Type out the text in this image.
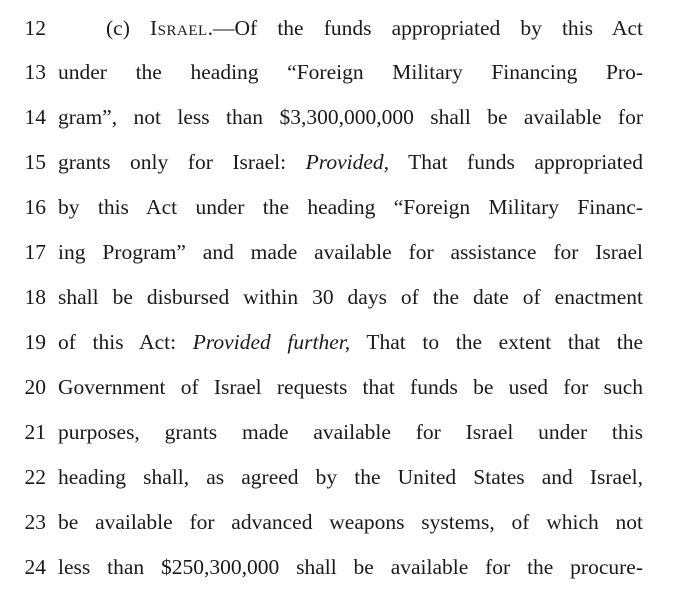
12	(c) Israel.—Of the funds appropriated by this Act
13 under the heading “Foreign Military Financing Pro-
14 gram”, not less than $3,300,000,000 shall be available for
15 grants only for Israel: Provided, That funds appropriated
16 by this Act under the heading “Foreign Military Financ-
17 ing Program” and made available for assistance for Israel
18 shall be disbursed within 30 days of the date of enactment
19 of this Act: Provided further, That to the extent that the
20 Government of Israel requests that funds be used for such
21 purposes, grants made available for Israel under this
22 heading shall, as agreed by the United States and Israel,
23 be available for advanced weapons systems, of which not
24 less than $250,300,000 shall be available for the procure-
